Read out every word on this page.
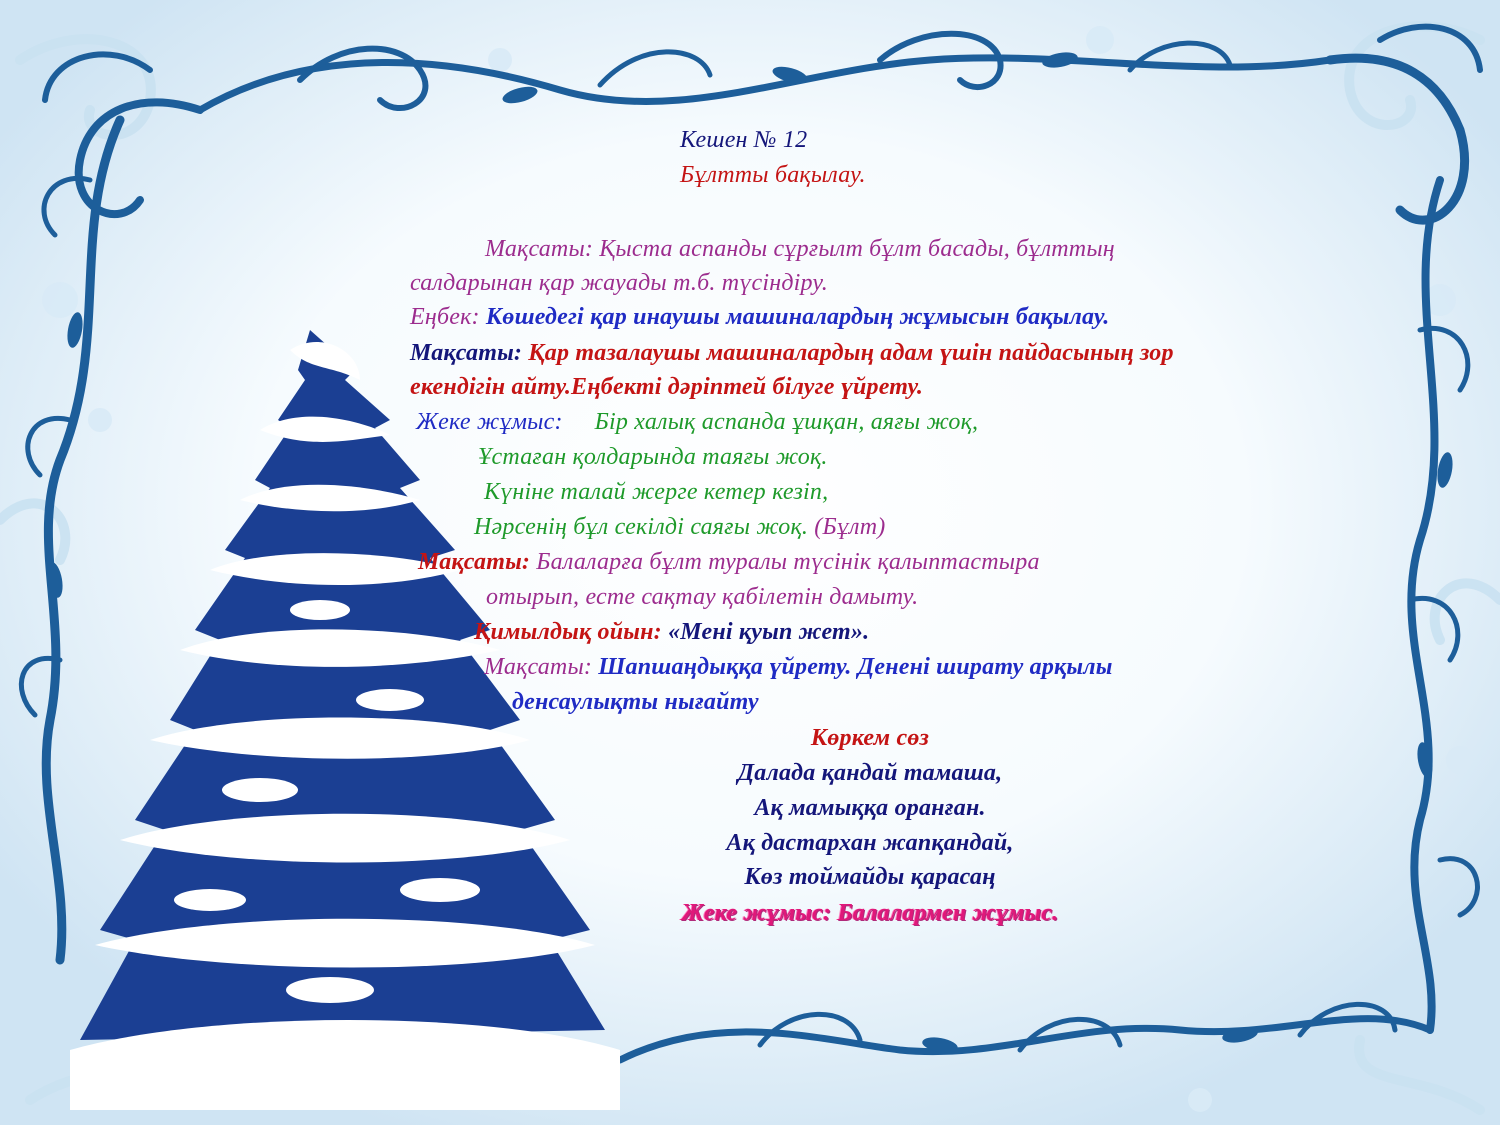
Кешен № 12
Бұлтты бақылау.
Мақсаты: Қыста аспанды сұрғылт бұлт басады, бұлттың
салдарынан қар жауады т.б. түсіндіру.
Еңбек: Көшедегі қар инаушы машиналардың жұмысын бақылау.
Мақсаты: Қар тазалаушы машиналардың адам үшін пайдасының зор
екендігін айту.Еңбекті дәріптей білуге үйрету.
Жеке жұмыс: Бір халық аспанда ұшқан, аяғы жоқ,
Ұстаған қолдарында таяғы жоқ.
Күніне талай жерге кетер кезіп,
Нәрсенің бұл секілді саяғы жоқ. (Бұлт)
Мақсаты: Балаларға бұлт туралы түсінік қалыптастыра
отырып, есте сақтау қабілетін дамыту.
Қимылдық ойын: «Мені қуып жет».
Мақсаты: Шапшаңдыққа үйрету. Денені ширату арқылы
денсаулықты нығайту
Көркем сөз
Далада қандай тамаша,
Ақ мамыққа оранған.
Ақ дастархан жапқандай,
Көз тоймайды қарасаң
Жеке жұмыс: Балалармен жұмыс.
